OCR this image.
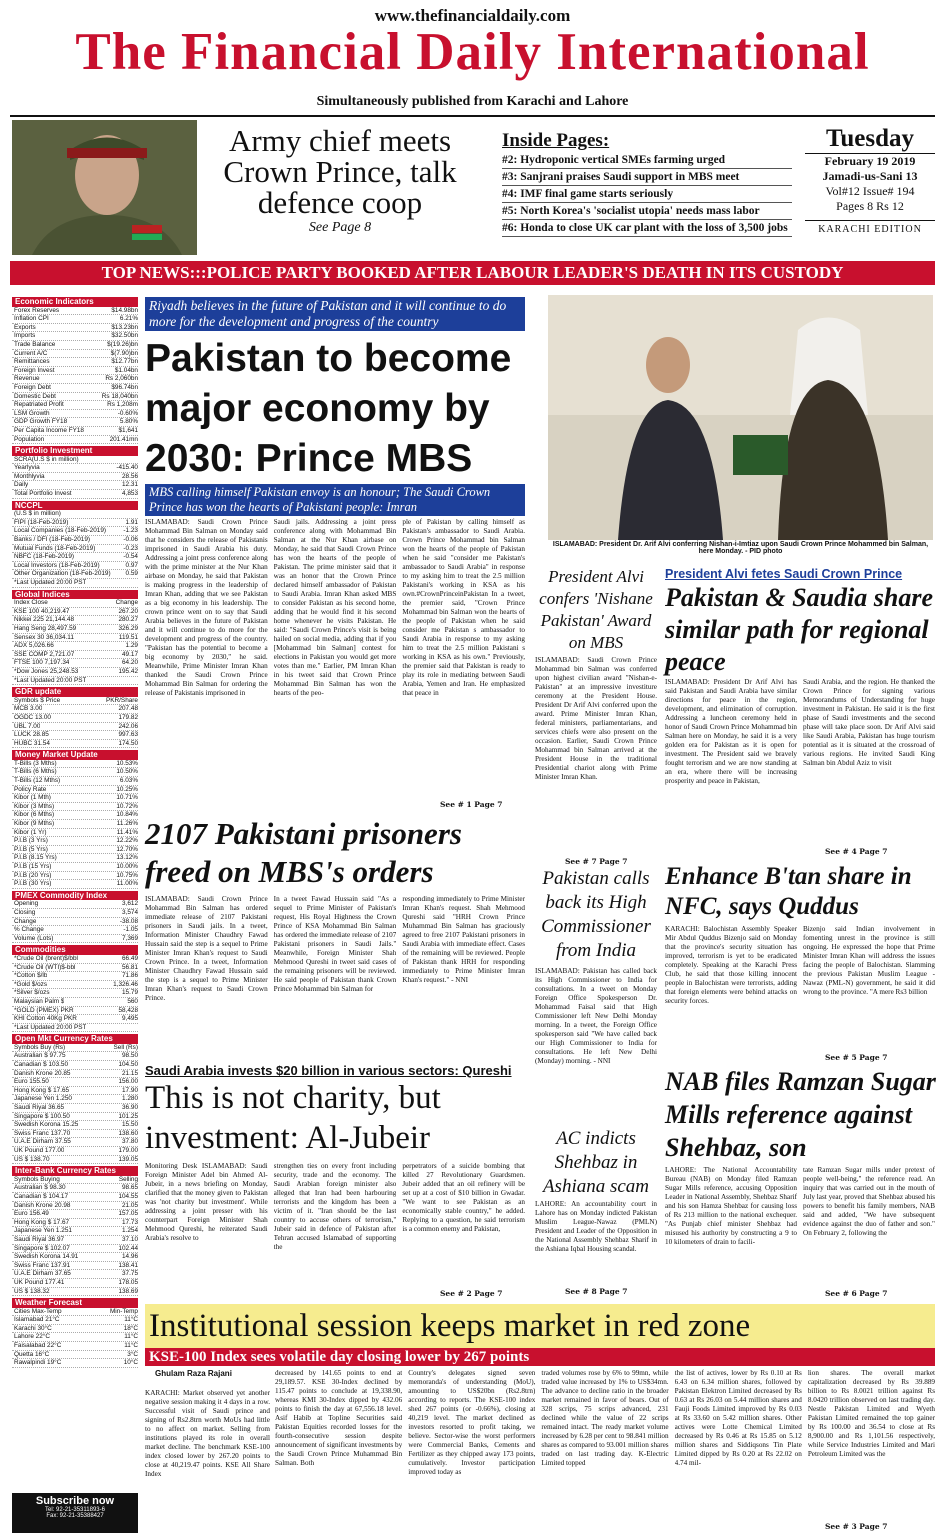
www.thefinancialdaily.com
The Financial Daily International
Simultaneously published from Karachi and Lahore
Army chief meets Crown Prince, talk defence coop
See Page 8
Inside Pages:
#2: Hydroponic vertical SMEs farming urged
#3: Sanjrani praises Saudi support in MBS meet
#4: IMF final game starts seriously
#5: North Korea's 'socialist utopia' needs mass labor
#6: Honda to close UK car plant with the loss of 3,500 jobs
Tuesday
February 19 2019
Jamadi-us-Sani 13
Vol#12 Issue# 194
Pages 8 Rs 12
KARACHI EDITION
TOP NEWS:::POLICE PARTY BOOKED AFTER LABOUR LEADER'S DEATH IN ITS CUSTODY
Economic Indicators
Forex Reserves	$14.98bn
Inflation CPI	6.21%
Exports	$13.23bn
Imports	$32.50bn
Trade Balance	$(19.26)bn
Current A/C	$(7.90)bn
Remittances	$12.77bn
Foreign Invest	$1.04bn
Revenue	Rs 2,060bn
Foreign Debt	$96.74bn
Domestic Debt	Rs 18,040bn
Repatriated Profit	Rs 1,208m
LSM Growth	-0.60%
GDP Growth FY18	5.80%
Per Capita Income FY18	$1,641
Population	201.41mn
Portfolio Investment
SCRA(U.S $ in million)
Yearlyvia	-415.40
Monthlyvia	28.56
Daily	12.31
Total Portfolio Invest	4,853
NCCPL
(U.S $ in million)
FIPI (18-Feb-2019)	1.91
Local Companies (18-Feb-2019)	-1.23
Banks / DFI (18-Feb-2019)	-0.06
Mutual Funds (18-Feb-2019)	-0.23
NBFC (18-Feb-2019)	-0.54
Local Investors (18-Feb-2019)	0.97
Other Organization (18-Feb-2019) 0.59
*Last Updated 20:00 PST
Global Indices
Index Close	Change
KSE 100 40,219.47	267.20
Nikkei 225 21,144.48	280.27
Hang Seng 28,497.59	326.29
Sensex 30 36,034.11	119.51
ADX 5,026.66	1.29
SSE COMP 2,721.07	49.17
FTSE 100 7,197.34	64.20
*Dow Jones 25,248.53	195.42
*Last Updated 20:00 PST
GDR update
Symbols $ Price	PKR/Share
MCB 3.00	207.48
OGDC 13.00	179.82
UBL 7.00	242.06
LUCK 28.85	997.63
HUBC 31.54	174.50
Money Market Update
T-Bills (3 Mths)	10.53%
T-Bills (6 Mths)	10.50%
T-Bills (12 Mths)	6.03%
Policy Rate	10.25%
Kibor (1 Mth)	10.71%
Kibor (3 Mths)	10.72%
Kibor (6 Mths)	10.84%
Kibor (9 Mths)	11.26%
Kibor (1 Yr)	11.41%
P.I.B (3 Yrs)	12.22%
P.I.B (5 Yrs)	12.70%
P.I.B (8.15 Yrs)	13.12%
P.I.B (15 Yrs)	10.00%
P.I.B (20 Yrs)	10.75%
P.I.B (30 Yrs)	11.00%
PMEX Commodity Index
Opening	3,612
Closing	3,574
Change	-38.08
% Change	-1.05
Volume (Lots)	7,369
Commodities
*Crude Oil (brent)$/bbl	66.49
*Crude Oil (WTI)$-bbl	56.81
*Cotton $/lb	71.86
*Gold $/ozs	1,326.46
*Silver $/ozs	15.79
Malaysian Palm $	560
*GOLD (PMEX) PKR	58,428
KHI Cotton 40Kg PKR	9,495
*Last Updated 20:00 PST
Open Mkt Currency Rates
Symbols Buy (Rs)	Sell (Rs)
Australian $ 97.75	98.50
Canadian $ 103.50	104.50
Danish Krone 20.85	21.15
Euro 155.50	156.00
Hong Kong $ 17.65	17.90
Japanese Yen 1.250	1.280
Saudi Riyal 36.65	36.90
Singapore $ 100.50	101.25
Swedish Korona 15.25	15.50
Swiss Franc 137.70	138.60
U.A.E Dirham 37.55	37.80
UK Pound 177.00	179.00
US $ 138.70	139.05
Inter-Bank Currency Rates
Symbols Buying	Selling
Australian $ 98.30	98.65
Canadian $ 104.17	104.55
Danish Krone 20.98	21.05
Euro 156.49	157.05
Hong Kong $ 17.67	17.73
Japanese Yen 1.251	1.254
Saudi Riyal 36.97	37.10
Singapore $ 102.07	102.44
Swedish Korona 14.91	14.96
Swiss Franc 137.91	138.41
U.A.E Dirham 37.65	37.75
UK Pound 177.41	178.05
US $ 138.32	138.69
Weather Forecast
Cities Max-Temp	Min-Temp
Islamabad 21°C	11°C
Karachi 30°C	18°C
Lahore 22°C	11°C
Faisalabad 22°C	11°C
Quetta 16°C	3°C
Rawalpindi 19°C	10°C
Subscribe now
Tel: 92-21-35311893-6
Fax: 92-21-35388427
Riyadh believes in the future of Pakistan and it will continue to do more for the development and progress of the country
Pakistan to become major economy by 2030: Prince MBS
MBS calling himself Pakistan envoy is an honour; The Saudi Crown Prince has won the hearts of Pakistani people: Imran
ISLAMABAD: Saudi Crown Prince Mohammad Bin Salman on Monday said that he considers the release of Pakistanis imprisoned in Saudi Arabia his duty. Addressing a joint press conference along with the prime minister at the Nur Khan airbase on Monday, he said that Pakistan is making progress in the leadership of Imran Khan, adding that we see Pakistan as a big economy in his leadership. The crown prince went on to say that Saudi Arabia believes in the future of Pakistan and it will continue to do more for the development and progress of the country. "Pakistan has the potential to become a big economy by 2030," he said. Meanwhile, Prime Minister Imran Khan thanked the Saudi Crown Prince Mohammad Bin Salman for ordering the release of Pakistanis imprisoned in
Saudi jails. Addressing a joint press conference along with Mohammad Bin Salman at the Nur Khan airbase on Monday, he said that Saudi Crown Prince has won the hearts of the people of Pakistan. The prime minister said that it was an honor that the Crown Prince declared himself ambassador of Pakistan to Saudi Arabia. Imran Khan asked MBS to consider Pakistan as his second home, adding that he would find it his second home whenever he visits Pakistan. He said: "Saudi Crown Prince's visit is being hailed on social media, adding that if you [Mohammad bin Salman] contest for elections in Pakistan you would get more votes than me." Earlier, PM Imran Khan in his tweet said that Crown Prince Mohammad Bin Salman has won the hearts of the peo-
ple of Pakistan by calling himself as Pakistan's ambassador to Saudi Arabia. Crown Prince Mohammad bin Salman won the hearts of the people of Pakistan when he said "consider me Pakistan's ambassador to Saudi Arabia" in response to my asking him to treat the 2.5 million Pakistani's working in KSA as his own.#CrownPrinceinPakistan In a tweet, the premier said, "Crown Prince Mohammad bin Salman won the hearts of the people of Pakistan when he said consider me Pakistan s ambassador to Saudi Arabia in response to my asking him to treat the 2.5 million Pakistani s working in KSA as his own." Previously, the premier said that Pakistan is ready to play its role in mediating between Saudi Arabia, Yemen and Iran. He emphasized that peace in
See # 1 Page 7
ISLAMABAD: President Dr. Arif Alvi conferring Nishan-i-Imtiaz upon Saudi Crown Prince Mohammed bin Salman, here Monday. - PID photo
President Alvi confers 'Nishane Pakistan' Award on MBS
ISLAMABAD: Saudi Crown Prince Mohammad bin Salman was conferred upon highest civilian award "Nishan-e-Pakistan" at an impressive investiture ceremony at the President House. President Dr Arif Alvi conferred upon the award. Prime Minister Imran Khan, federal ministers, parliamentarians, and services chiefs were also present on the occasion. Earlier, Saudi Crown Prince Mohammad bin Salman arrived at the President House in the traditional Presidential chariot along with Prime Minister Imran Khan.
See # 7 Page 7
President Alvi fetes Saudi Crown Prince
Pakistan & Saudia share similar path for regional peace
ISLAMABAD: President Dr Arif Alvi has said Pakistan and Saudi Arabia have similar directions for peace in the region, development, and elimination of corruption. Addressing a luncheon ceremony held in honor of Saudi Crown Prince Mohammad bin Salman here on Monday, he said it is a very golden era for Pakistan as it is open for investment. The President said we bravely fought terrorism and we are now standing at an era, where there will be increasing prosperity and peace in Pakistan,
Saudi Arabia, and the region. He thanked the Crown Prince for signing various Memorandums of Understanding for huge investment in Pakistan. He said it is the first phase of Saudi investments and the second phase will take place soon. Dr Arif Alvi said like Saudi Arabia, Pakistan has huge tourism potential as it is situated at the crossroad of various regions. He invited Saudi King Salman bin Abdul Aziz to visit
See # 4 Page 7
2107 Pakistani prisoners freed on MBS's orders
ISLAMABAD: Saudi Crown Prince Mohammad Bin Salman has ordered immediate release of 2107 Pakistani prisoners in Saudi jails. In a tweet, Information Minister Chaudhry Fawad Hussain said the step is a sequel to Prime Minister Imran Khan's request to Saudi Crown Prince. In a tweet, Information Minister Chaudhry Fawad Hussain said the step is a sequel to Prime Minister Imran Khan's request to Saudi Crown Prince.
In a tweet Fawad Hussain said "As a sequel to Prime Minister of Pakistan's request, His Royal Highness the Crown Prince of KSA Mohammad Bin Salman has ordered the immediate release of 2107 Pakistani prisoners in Saudi Jails." Meanwhile, Foreign Minister Shah Mehmood Qureshi in tweet said cases of the remaining prisoners will be reviewed. He said people of Pakistan thank Crown Prince Mohammad bin Salman for
responding immediately to Prime Minister Imran Khan's request. Shah Mehmood Qureshi said "HRH Crown Prince Muhammad Bin Salman has graciously agreed to free 2107 Pakistani prisoners in Saudi Arabia with immediate effect. Cases of the remaining will be reviewed. People of Pakistan thank HRH for responding immediately to Prime Minister Imran Khan's request." - NNI
Saudi Arabia invests $20 billion in various sectors: Qureshi
This is not charity, but investment: Al-Jubeir
Monitoring Desk ISLAMABAD: Saudi Foreign Minister Adel bin Ahmed Al-Jubeir, in a news briefing on Monday, clarified that the money given to Pakistan was 'not charity but investment'. While addressing a joint presser with his counterpart Foreign Minister Shah Mehmood Qureshi, he reiterated Saudi Arabia's resolve to
strengthen ties on every front including security, trade and the economy. The Saudi Arabian foreign minister also alleged that Iran had been harbouring terrorists and the kingdom has been a victim of it. "Iran should be the last country to accuse others of terrorism," Jubeir said in defence of Pakistan after Tehran accused Islamabad of supporting the
perpetrators of a suicide bombing that killed 27 Revolutionary Guardsmen. Jubeir added that an oil refinery will be set up at a cost of $10 billion in Gwadar. "We want to see Pakistan as an economically stable country," he added. Replying to a question, he said terrorism is a common enemy and Pakistan,
See # 2 Page 7
Pakistan calls back its High Commissioner from India
ISLAMABAD: Pakistan has called back its High Commissioner to India for consultations. In a tweet on Monday Foreign Office Spokesperson Dr. Mohammad Faisal said that High Commissioner left New Delhi Monday morning. In a tweet, the Foreign Office spokesperson said "We have called back our High Commissioner to India for consultations. He left New Delhi (Monday) morning. - NNI
AC indicts Shehbaz in Ashiana scam
LAHORE: An accountability court in Lahore has on Monday indicted Pakistan Muslim League-Nawaz (PMLN) President and Leader of the Opposition in the National Assembly Shehbaz Sharif in the Ashiana Iqbal Housing scandal.
See # 8 Page 7
Enhance B'tan share in NFC, says Quddus
KARACHI: Balochistan Assembly Speaker Mir Abdul Quddus Bizenjo said on Monday that the province's security situation has improved, terrorism is yet to be eradicated completely. Speaking at the Karachi Press Club, he said that those killing innocent people in Balochistan were terrorists, adding that foreign elements were behind attacks on security forces.
Bizenjo said Indian involvement in fomenting unrest in the province is still ongoing. He expressed the hope that Prime Minister Imran Khan will address the issues facing the people of Balochistan. Slamming the previous Pakistan Muslim League - Nawaz (PML-N) government, he said it did wrong to the province. "A mere Rs3 billion
See # 5 Page 7
NAB files Ramzan Sugar Mills reference against Shehbaz, son
LAHORE: The National Accountability Bureau (NAB) on Monday filed Ramzan Sugar Mills reference, accusing Opposition Leader in National Assembly, Shehbaz Sharif and his son Hamza Shehbaz for causing loss of Rs 213 million to the national exchequer. "As Punjab chief minister Shehbaz had misused his authority by constructing a 9 to 10 kilometers of drain to facili-
tate Ramzan Sugar mills under pretext of people well-being," the reference read. An inquiry that was carried out in the mouth of July last year, proved that Shehbaz abused his powers to benefit his family members, NAB said and added, "We have subsequent evidence against the duo of father and son." On February 2, following the
See # 6 Page 7
Institutional session keeps market in red zone
KSE-100 Index sees volatile day closing lower by 267 points
Ghulam Raza Rajani
KARACHI: Market observed yet another negative session making it 4 days in a row. Successful visit of Saudi prince and signing of Rs2.8trn worth MoUs had little to no affect on market. Selling from institutions played its role in overall market decline. The benchmark KSE-100 index closed lower by 267.20 points to close at 40,219.47 points. KSE All Share Index
decreased by 141.65 points to end at 29,189.57. KSE 30-Index declined by 115.47 points to conclude at 19,338.90, whereas KMI 30-Index dipped by 432.06 points to finish the day at 67,556.18 level. Asif Habib at Topline Securities said Pakistan Equities recorded losses for the fourth-consecutive session despite announcement of significant investments by the Saudi Crown Prince Muhammad Bin Salman. Both
Country's delegates signed seven memoranda's of understanding (MoU), amounting to US$20bn (Rs2.8trn) according to reports. The KSE-100 index shed 267 points (or -0.66%), closing at 40,219 level. The market declined as investors resorted to profit taking, we believe. Sector-wise the worst performers were Commercial Banks, Cements and Fertilizer as they chipped away 173 points, cumulatively. Investor participation improved today as
traded volumes rose by 6% to 99mn, while traded value increased by 1% to US$34mn. The advance to decline ratio in the broader market remained in favor of bears. Out of 328 scrips, 75 scrips advanced, 231 declined while the value of 22 scrips remained intact. The ready market volume increased by 6.28 per cent to 98.841 million shares as compared to 93.001 million shares traded on last trading day. K-Electric Limited topped
the list of actives, lower by Rs 0.10 at Rs 6.43 on 6.34 million shares, followed by Pakistan Elektron Limited decreased by Rs 0.63 at Rs 26.03 on 5.44 million shares and Fauji Foods Limited improved by Rs 0.03 at Rs 33.60 on 5.42 million shares. Other actives were Lotte Chemical Limited decreased by Rs 0.46 at Rs 15.85 on 5.12 million shares and Siddiqsons Tin Plate Limited dipped by Rs 0.20 at Rs 22.02 on 4.74 mil-
lion shares. The overall market capitalization decreased by Rs 39.889 billion to Rs 8.0021 trillion against Rs 8.0420 trillion observed on last trading day. Nestle Pakistan Limited and Wyeth Pakistan Limited remained the top gainer by Rs 100.00 and 36.54 to close at Rs 8,900.00 and Rs 1,101.56 respectively, while Service Industries Limited and Mari Petroleum Limited was the
See # 3 Page 7
